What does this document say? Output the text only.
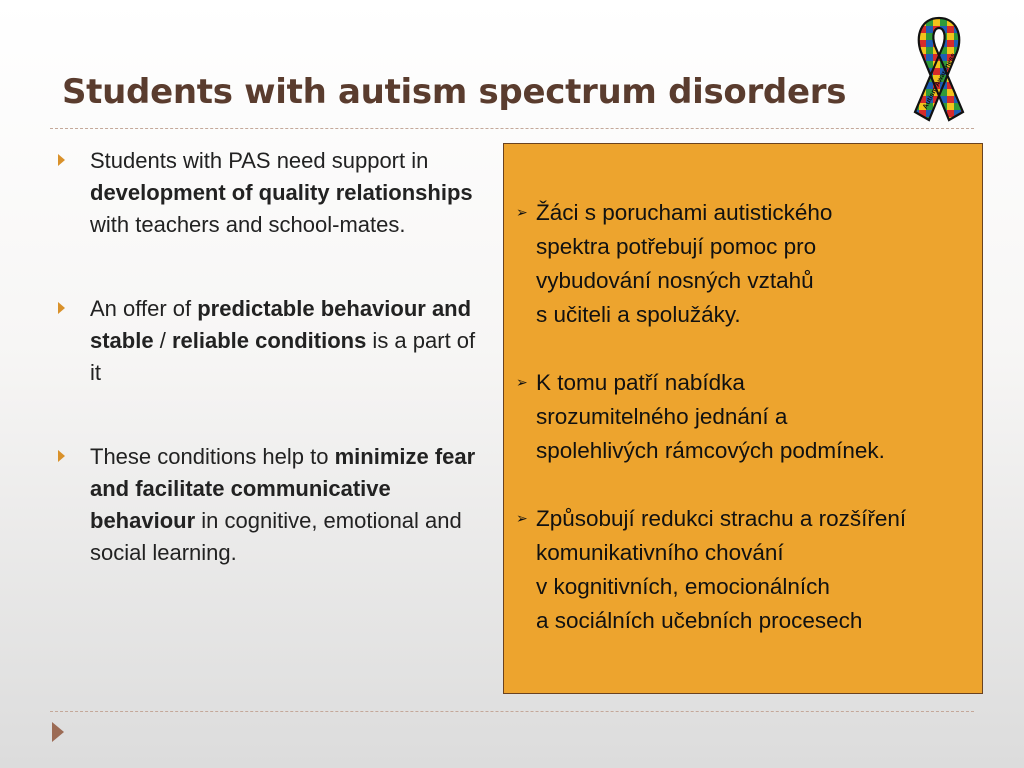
Students with autism spectrum disorders	Autism Awareness
Students with PAS need support in development of quality relationships with teachers and school-mates.
An offer of predictable behaviour and stable / reliable conditions is a part of it
These conditions help to minimize fear and facilitate communicative behaviour in cognitive, emotional and social learning.
➢ Žáci s poruchami autistického
spektra potřebují pomoc pro
vybudování nosných vztahů
s učiteli a spolužáky.
➢ K tomu patří nabídka
srozumitelného jednání a
spolehlivých rámcových podmínek.
➢ Způsobují redukci strachu a rozšíření
komunikativního chování
v kognitivních, emocionálních
a sociálních učebních procesech
